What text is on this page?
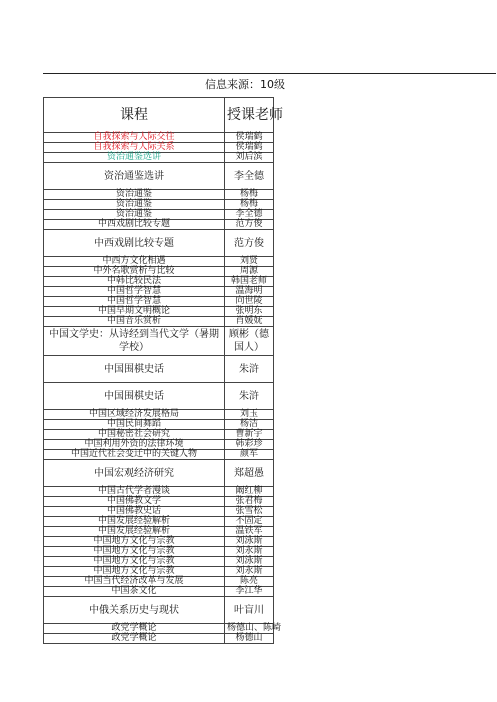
信息来源：10级
课程	授课老师	
自我探索与人际交往	侯瑞鹤	
自我探索与人际关系	侯瑞鹤	
资治通鉴选讲	刘后滨	
资治通鉴选讲	李全德	
资治通鉴	杨梅	
资治通鉴	杨梅	
资治通鉴	李全德	
中西戏剧比较专题	范方俊	
中西戏剧比较专题	范方俊	
中西方文化相遇	刘贤	
中外名歌赏析与比较	周源	
中韩比较民法	韩国老师	
中国哲学智慧	温海明	
中国哲学智慧	向世陵	
中国早期文明概论	张明东	
中国音乐赏析	肖媛妩	
中国文学史：从诗经到当代文学（暑期学校）	顾彬（德国人）	
中国围棋史话	朱浒	
中国围棋史话	朱浒	
中国区域经济发展格局	刘玉	
中国民间舞蹈	杨洁	
中国秘密社会研究	曹新宇	
中国利用外资的法律环境	韩彩珍	
中国近代社会变迁中的关键人物	颜军	
中国宏观经济研究	郑超愚	
中国古代学者漫谈	阚红柳	
中国佛教文学	张君梅	
中国佛教史话	张雪松	
中国发展经验解析	不固定	
中国发展经验解析	温铁军	
中国地方文化与宗教	刘泳斯	
中国地方文化与宗教	刘永斯	
中国地方文化与宗教	刘泳斯	
中国地方文化与宗教	刘永斯	
中国当代经济改革与发展	陈亮	
中国茶文化	李江华	
中俄关系历史与现状	叶盲川	
政党学概论	杨德山、陈崎	
政党学概论	杨德山	
